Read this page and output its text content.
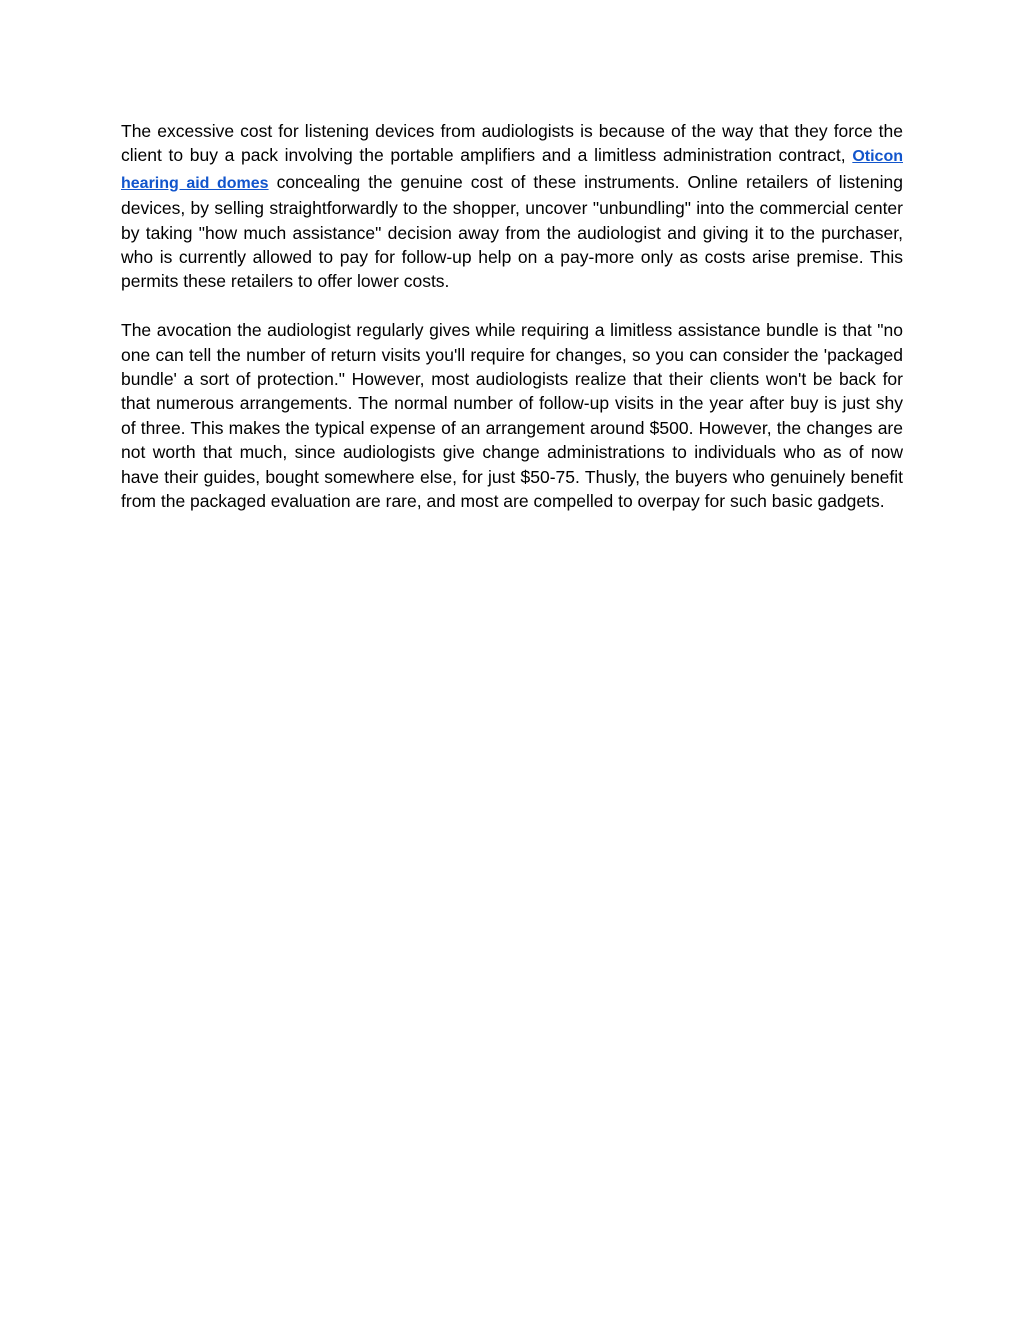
The excessive cost for listening devices from audiologists is because of the way that they force the client to buy a pack involving the portable amplifiers and a limitless administration contract, Oticon hearing aid domes concealing the genuine cost of these instruments. Online retailers of listening devices, by selling straightforwardly to the shopper, uncover "unbundling" into the commercial center by taking "how much assistance" decision away from the audiologist and giving it to the purchaser, who is currently allowed to pay for follow-up help on a pay-more only as costs arise premise. This permits these retailers to offer lower costs.

The avocation the audiologist regularly gives while requiring a limitless assistance bundle is that "no one can tell the number of return visits you'll require for changes, so you can consider the 'packaged bundle' a sort of protection." However, most audiologists realize that their clients won't be back for that numerous arrangements. The normal number of follow-up visits in the year after buy is just shy of three. This makes the typical expense of an arrangement around $500. However, the changes are not worth that much, since audiologists give change administrations to individuals who as of now have their guides, bought somewhere else, for just $50-75. Thusly, the buyers who genuinely benefit from the packaged evaluation are rare, and most are compelled to overpay for such basic gadgets.
